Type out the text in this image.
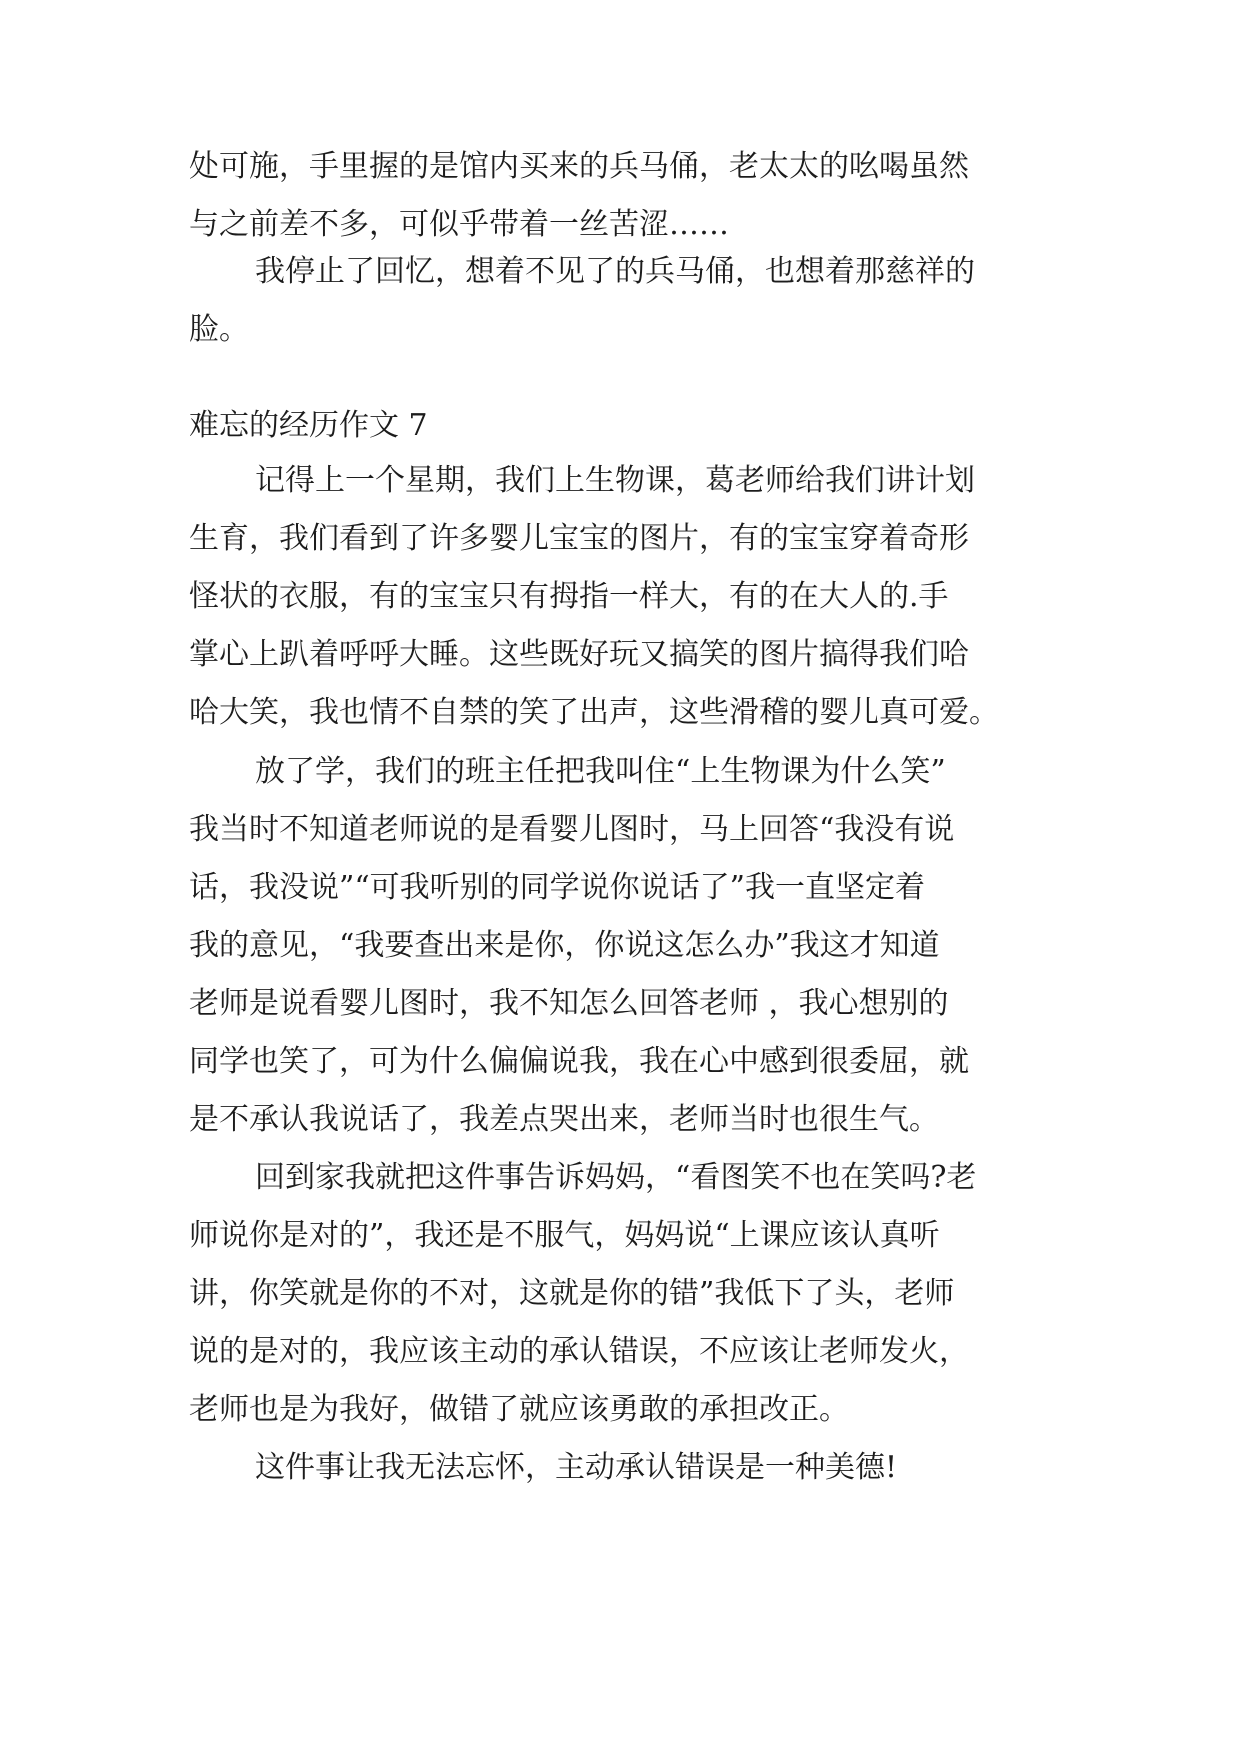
处可施，手里握的是馆内买来的兵马俑，老太太的吆喝虽然
与之前差不多，可似乎带着一丝苦涩……
我停止了回忆，想着不见了的兵马俑，也想着那慈祥的
脸。
难忘的经历作文 7
记得上一个星期，我们上生物课，葛老师给我们讲计划
生育，我们看到了许多婴儿宝宝的图片，有的宝宝穿着奇形
怪状的衣服，有的宝宝只有拇指一样大，有的在大人的.手
掌心上趴着呼呼大睡。这些既好玩又搞笑的图片搞得我们哈
哈大笑，我也情不自禁的笑了出声，这些滑稽的婴儿真可爱。
放了学，我们的班主任把我叫住“上生物课为什么笑”
我当时不知道老师说的是看婴儿图时，马上回答“我没有说
话，我没说”“可我听别的同学说你说话了”我一直坚定着
我的意见，“我要查出来是你，你说这怎么办”我这才知道
老师是说看婴儿图时，我不知怎么回答老师 ，我心想别的
同学也笑了，可为什么偏偏说我，我在心中感到很委屈，就
是不承认我说话了，我差点哭出来，老师当时也很生气。
回到家我就把这件事告诉妈妈，“看图笑不也在笑吗?老
师说你是对的”，我还是不服气，妈妈说“上课应该认真听
讲，你笑就是你的不对，这就是你的错”我低下了头，老师
说的是对的，我应该主动的承认错误，不应该让老师发火，
老师也是为我好，做错了就应该勇敢的承担改正。
这件事让我无法忘怀，主动承认错误是一种美德!
